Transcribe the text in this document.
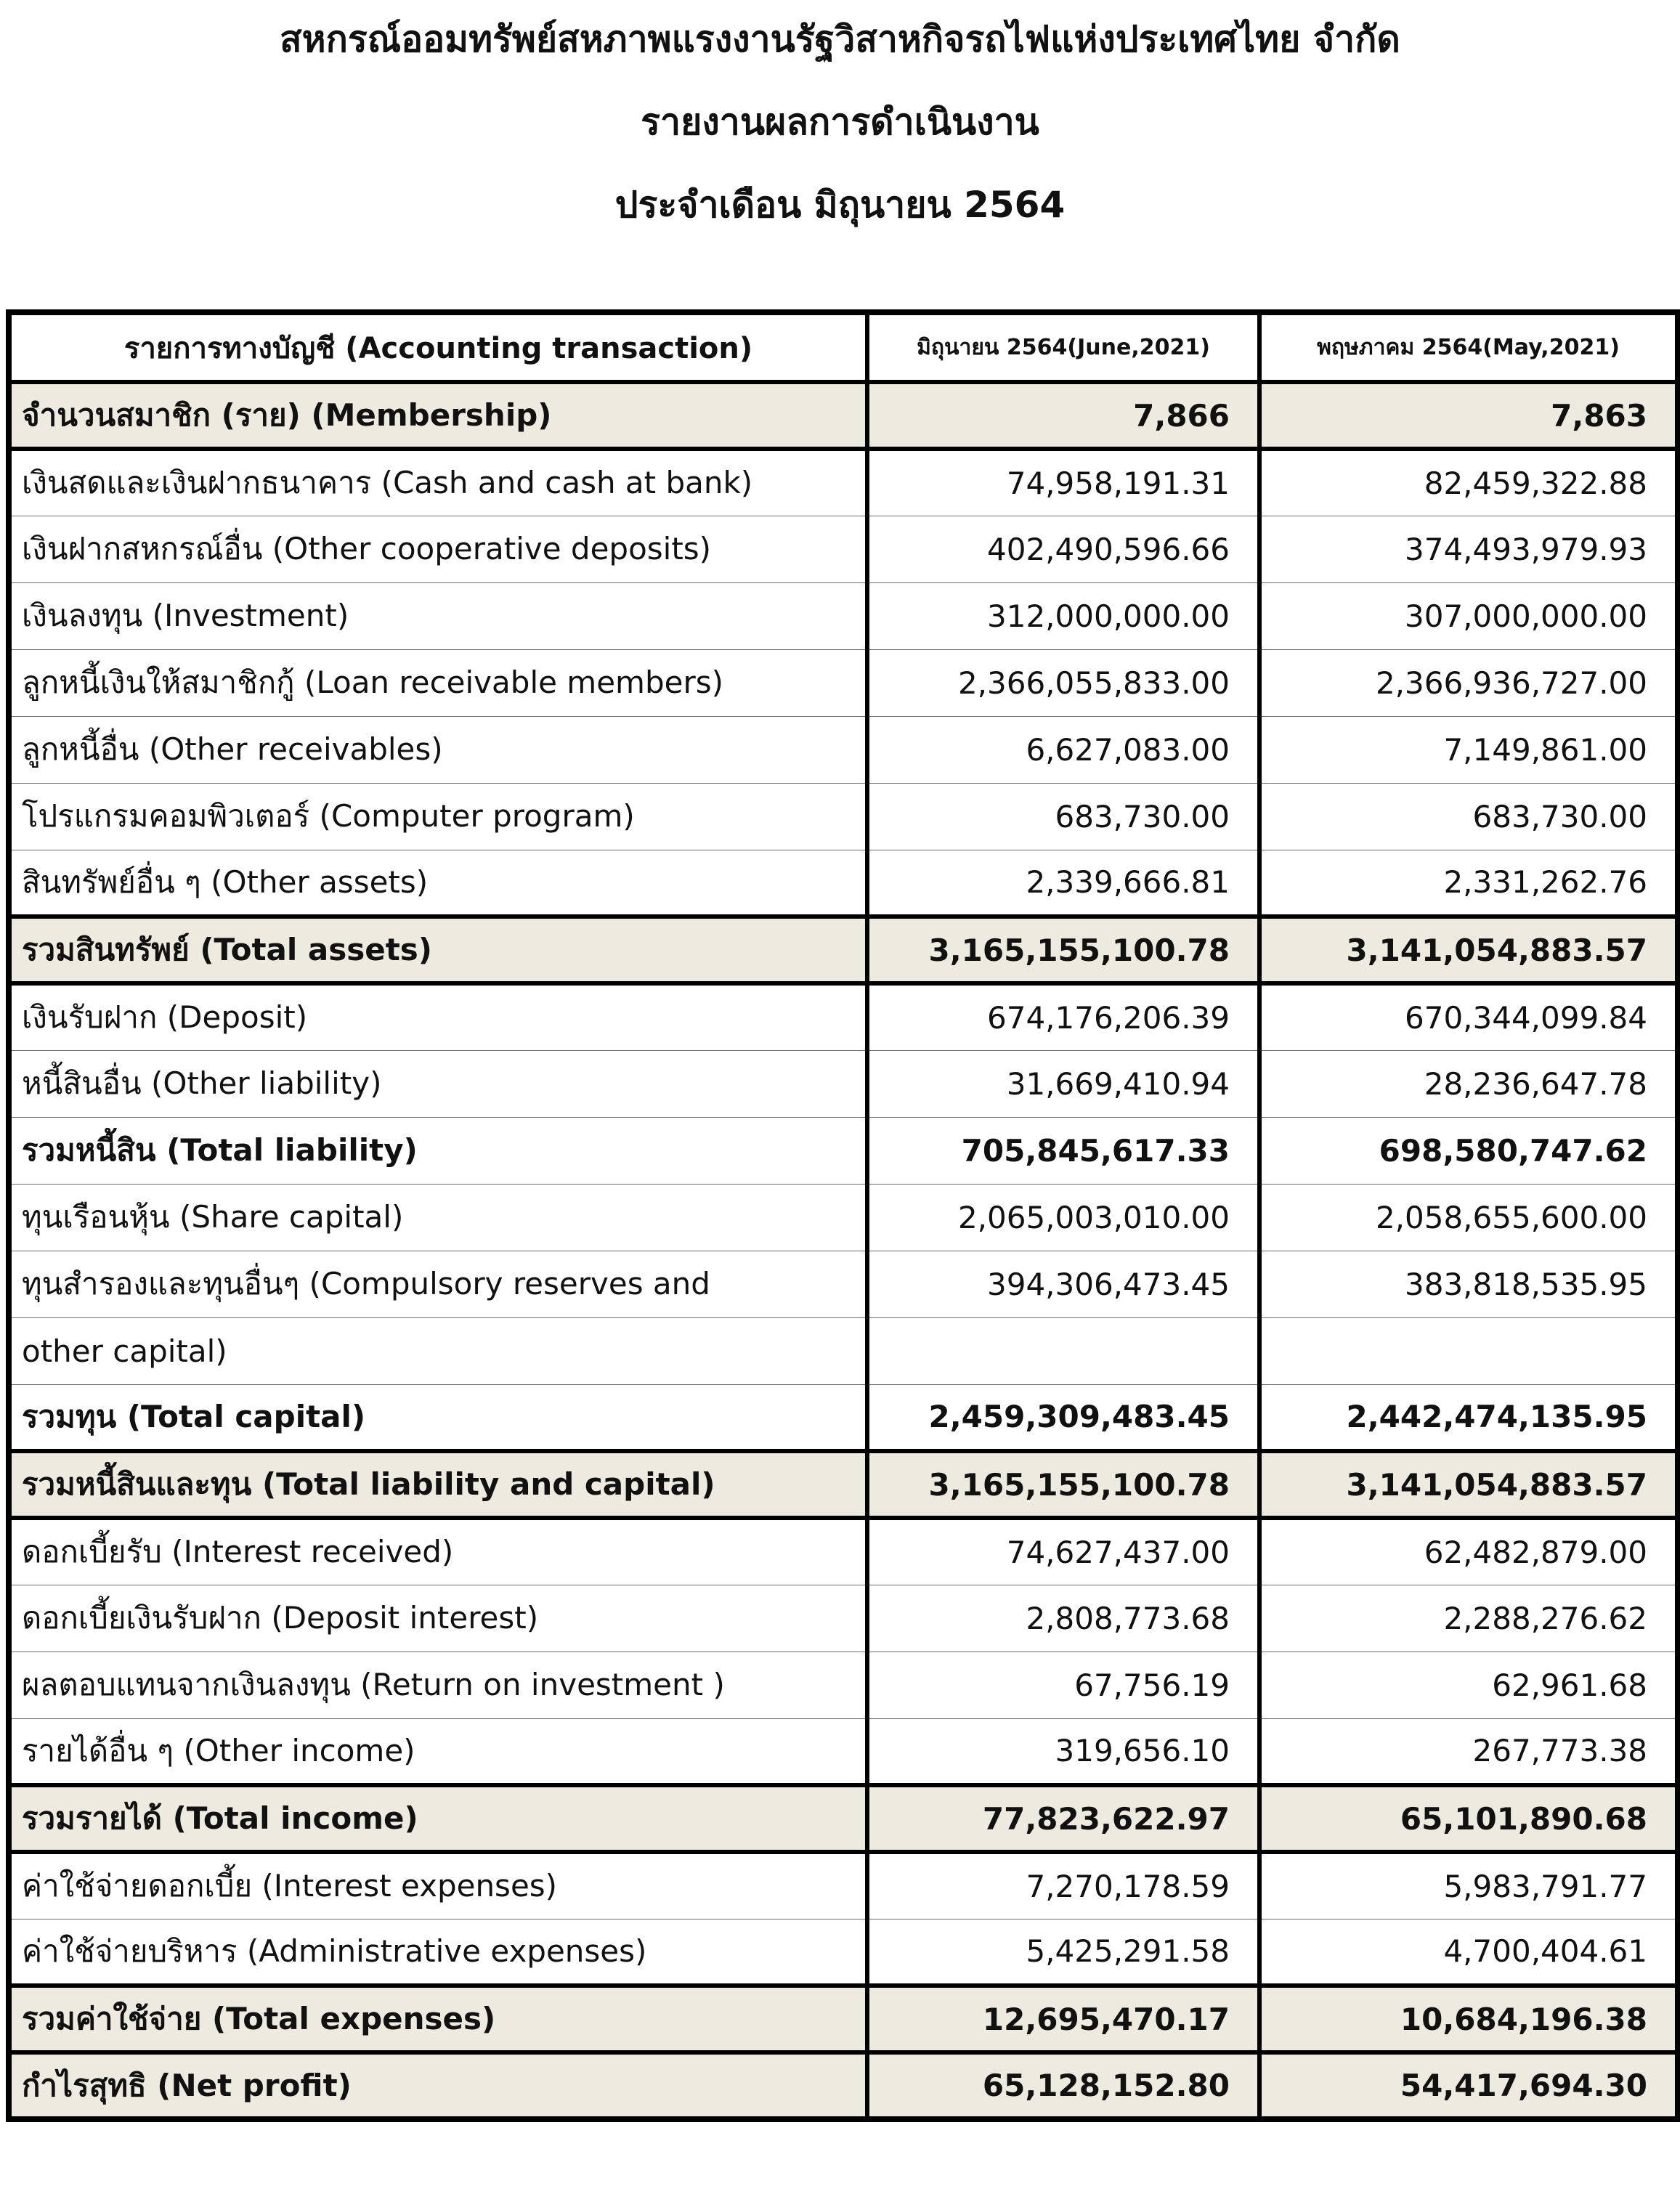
สหกรณ์ออมทรัพย์สหภาพแรงงานรัฐวิสาหกิจรถไฟแห่งประเทศไทย จำกัด
รายงานผลการดำเนินงาน
ประจำเดือน มิถุนายน 2564
รายการทางบัญชี (Accounting transaction)	มิถุนายน 2564(June,2021)	พฤษภาคม 2564(May,2021)
จำนวนสมาชิก (ราย) (Membership)	7,866	7,863
เงินสดและเงินฝากธนาคาร (Cash and cash at bank)	74,958,191.31	82,459,322.88
เงินฝากสหกรณ์อื่น (Other cooperative deposits)	402,490,596.66	374,493,979.93
เงินลงทุน (Investment)	312,000,000.00	307,000,000.00
ลูกหนี้เงินให้สมาชิกกู้ (Loan receivable members)	2,366,055,833.00	2,366,936,727.00
ลูกหนี้อื่น (Other receivables)	6,627,083.00	7,149,861.00
โปรแกรมคอมพิวเตอร์ (Computer program)	683,730.00	683,730.00
สินทรัพย์อื่น ๆ (Other assets)	2,339,666.81	2,331,262.76
รวมสินทรัพย์ (Total assets)	3,165,155,100.78	3,141,054,883.57
เงินรับฝาก (Deposit)	674,176,206.39	670,344,099.84
หนี้สินอื่น (Other liability)	31,669,410.94	28,236,647.78
รวมหนี้สิน (Total liability)	705,845,617.33	698,580,747.62
ทุนเรือนหุ้น (Share capital)	2,065,003,010.00	2,058,655,600.00
ทุนสำรองและทุนอื่นๆ (Compulsory reserves and	394,306,473.45	383,818,535.95
other capital)		
รวมทุน (Total capital)	2,459,309,483.45	2,442,474,135.95
รวมหนี้สินและทุน (Total liability and capital)	3,165,155,100.78	3,141,054,883.57
ดอกเบี้ยรับ (Interest received)	74,627,437.00	62,482,879.00
ดอกเบี้ยเงินรับฝาก (Deposit interest)	2,808,773.68	2,288,276.62
ผลตอบแทนจากเงินลงทุน (Return on investment )	67,756.19	62,961.68
รายได้อื่น ๆ (Other income)	319,656.10	267,773.38
รวมรายได้ (Total income)	77,823,622.97	65,101,890.68
ค่าใช้จ่ายดอกเบี้ย (Interest expenses)	7,270,178.59	5,983,791.77
ค่าใช้จ่ายบริหาร (Administrative expenses)	5,425,291.58	4,700,404.61
รวมค่าใช้จ่าย (Total expenses)	12,695,470.17	10,684,196.38
กำไรสุทธิ (Net profit)	65,128,152.80	54,417,694.30
